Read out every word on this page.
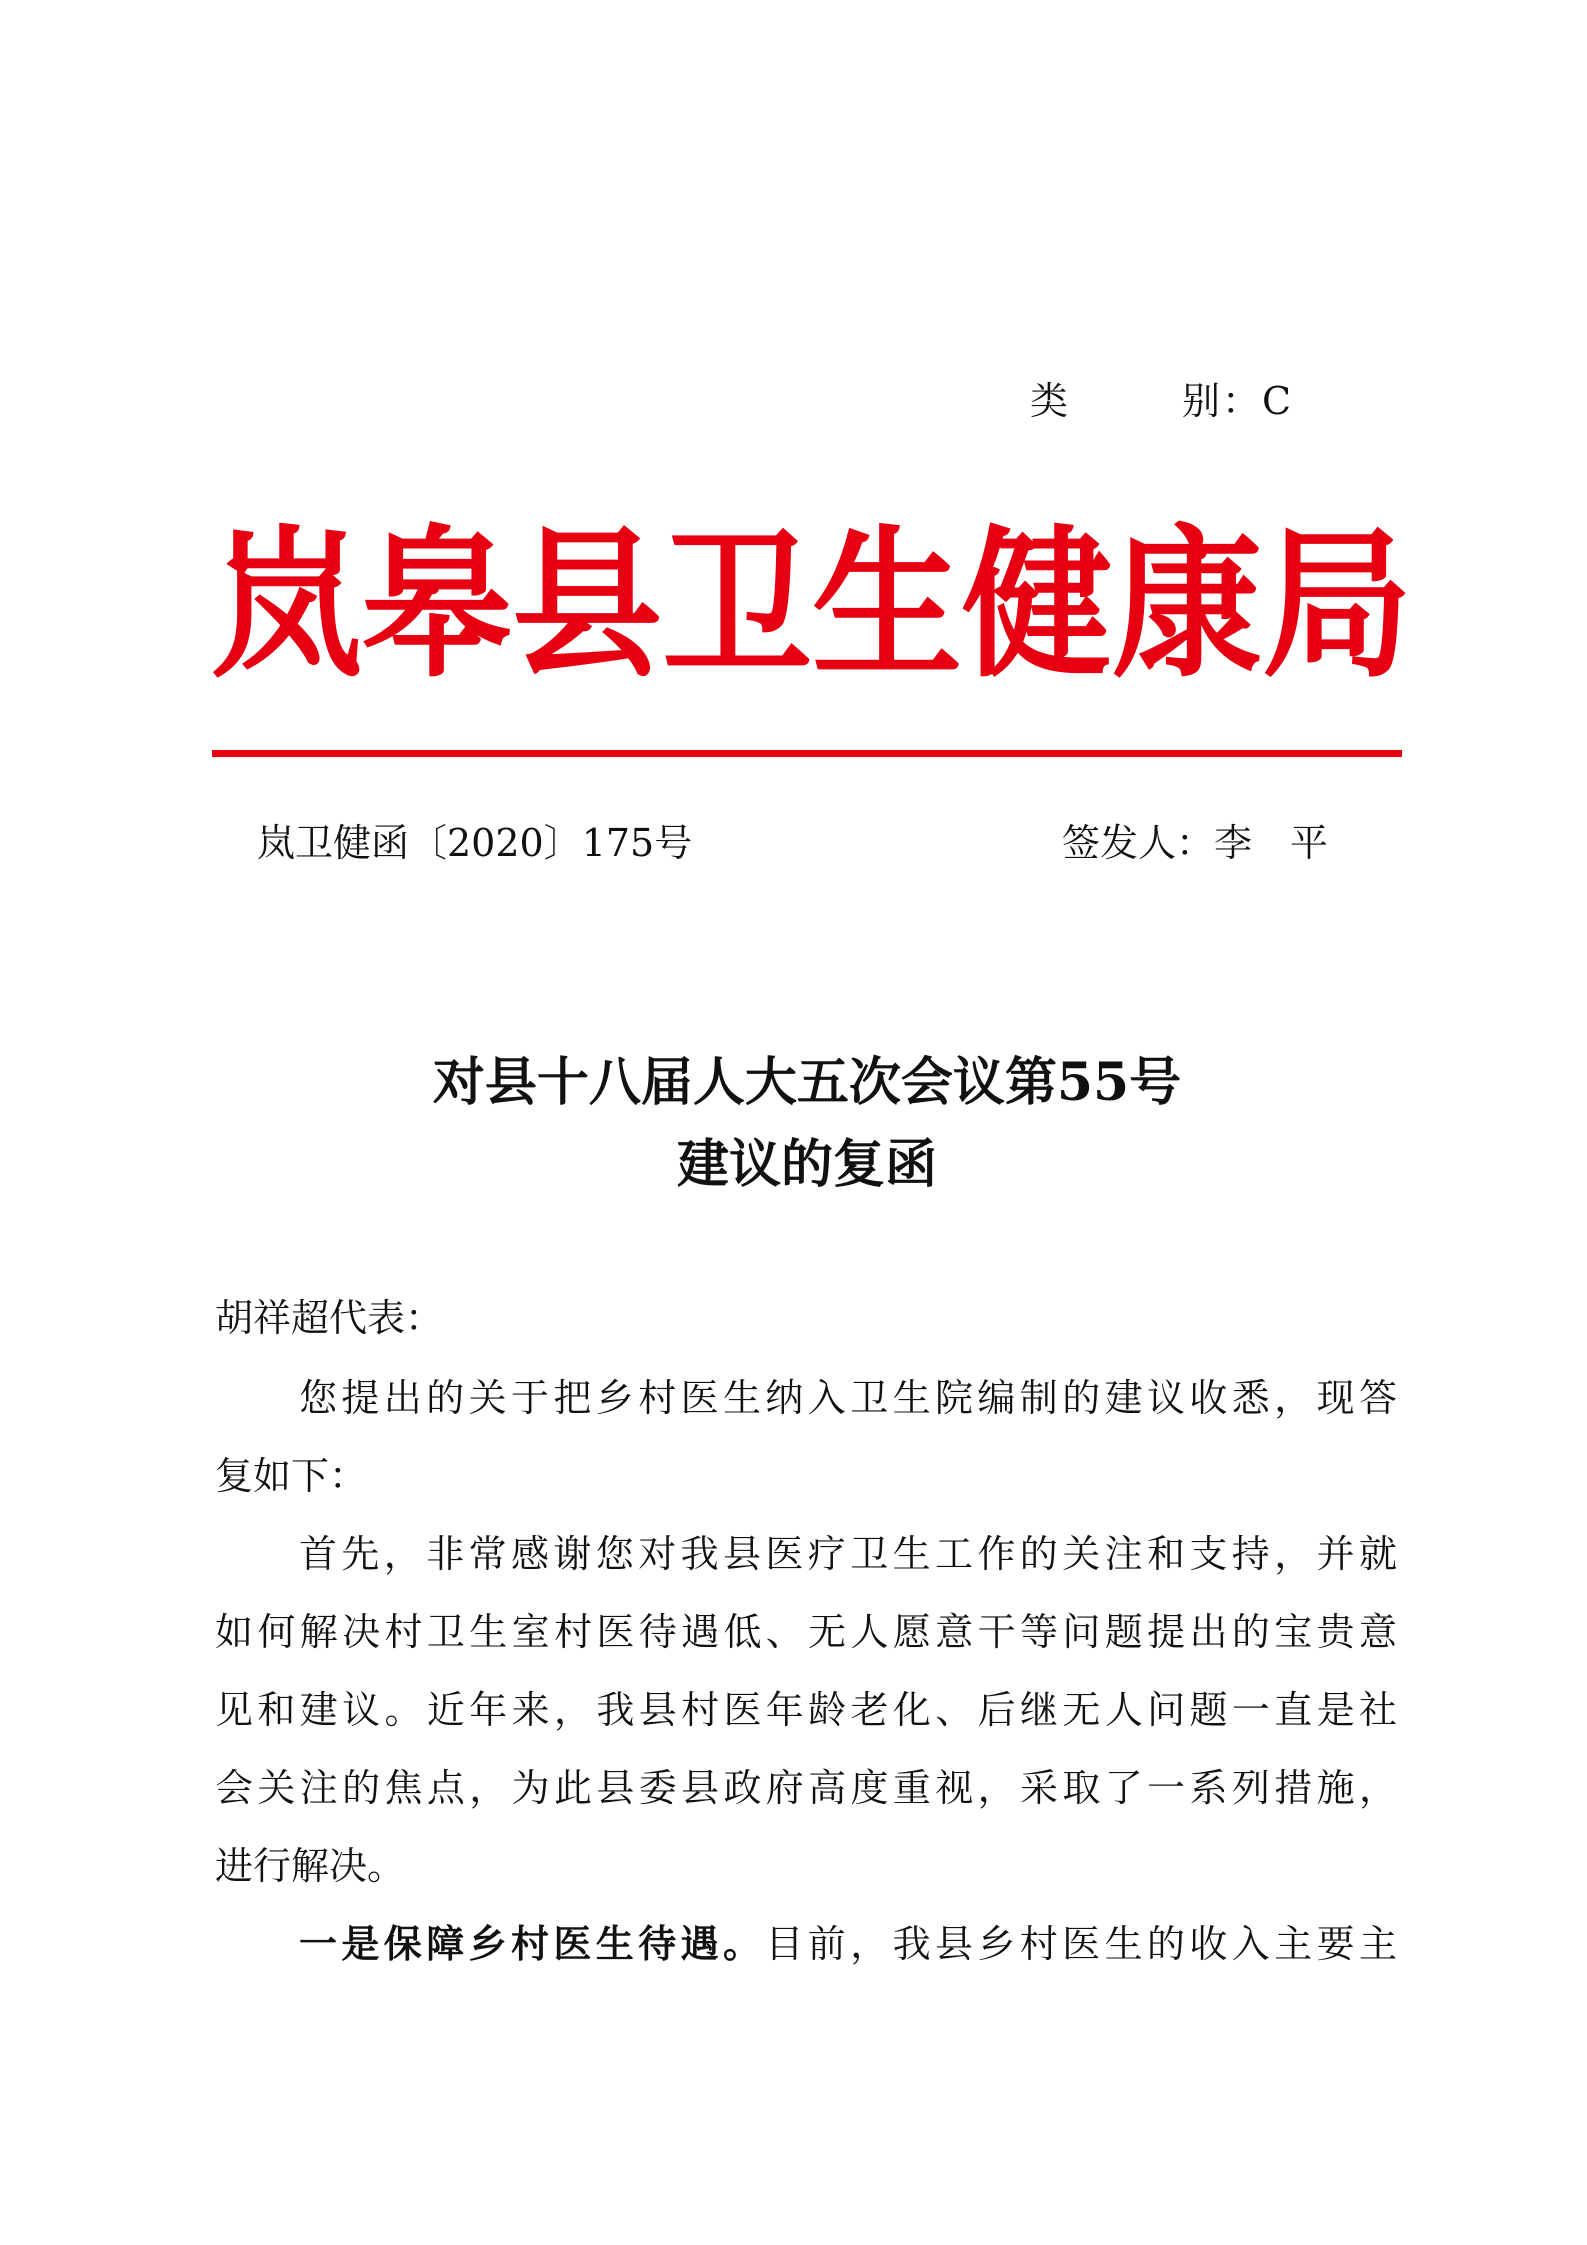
类	别：C
岚 皋 县 卫 生 健 康 局
岚卫健函〔2020〕175号	签发人：李 平
对县十八届人大五次会议第55号
建议的复函
胡祥超代表：
您提出的关于把乡村医生纳入卫生院编制的建议收悉，现答
复如下：
首先，非常感谢您对我县医疗卫生工作的关注和支持，并就
如何解决村卫生室村医待遇低、无人愿意干等问题提出的宝贵意
见和建议。近年来，我县村医年龄老化、后继无人问题一直是社
会关注的焦点，为此县委县政府高度重视，采取了一系列措施，
进行解决。
一是保障乡村医生待遇。目前，我县乡村医生的收入主要主
